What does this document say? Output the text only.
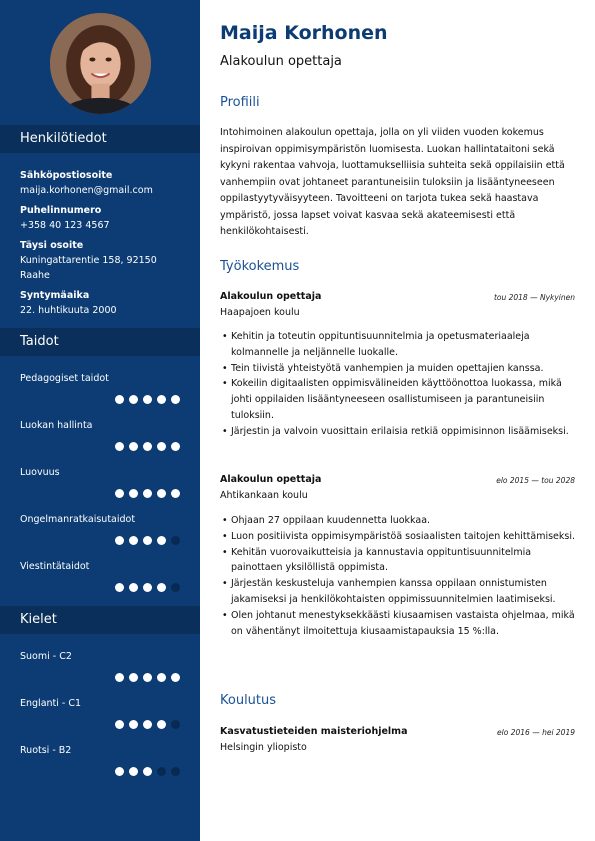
Henkilötiedot
Sähköpostiosoite
maija.korhonen@gmail.com
Puhelinnumero
+358 40 123 4567
Täysi osoite
Kuningattarentie 158, 92150 Raahe
Syntymäaika
22. huhtikuuta 2000
Taidot
Pedagogiset taidot
Luokan hallinta
Luovuus
Ongelmanratkaisutaidot
Viestintätaidot
Kielet
Suomi - C2
Englanti - C1
Ruotsi - B2
Maija Korhonen
Alakoulun opettaja
Profiili
Intohimoinen alakoulun opettaja, jolla on yli viiden vuoden kokemus inspiroivan oppimisympäristön luomisesta. Luokan hallintataitoni sekä kykyni rakentaa vahvoja, luottamukselliisia suhteita sekä oppilaisiin että vanhempiin ovat johtaneet parantuneisiin tuloksiin ja lisääntyneeseen oppilastyytyväisyyteen. Tavoitteeni on tarjota tukea sekä haastava ympäristö, jossa lapset voivat kasvaa sekä akateemisesti että henkilökohtaisesti.
Työkokemus
Alakoulun opettaja	tou 2018 — Nykyinen
Haapajoen koulu
• Kehitin ja toteutin oppituntisuunnitelmia ja opetusmateriaaleja kolmannelle ja neljännelle luokalle.
• Tein tiivistä yhteistyötä vanhempien ja muiden opettajien kanssa.
• Kokeilin digitaalisten oppimisvälineiden käyttöönottoa luokassa, mikä johti oppilaiden lisääntyneeseen osallistumiseen ja parantuneisiin tuloksiin.
• Järjestin ja valvoin vuosittain erilaisia retkiä oppimisinnon lisäämiseksi.
Alakoulun opettaja	elo 2015 — tou 2028
Ahtikankaan koulu
• Ohjaan 27 oppilaan kuudennetta luokkaa.
• Luon positiivista oppimisympäristöä sosiaalisten taitojen kehittämiseksi.
• Kehitän vuorovaikutteisia ja kannustavia oppituntisuunnitelmia painottaen yksilöllistä oppimista.
• Järjestän keskusteluja vanhempien kanssa oppilaan onnistumisten jakamiseksi ja henkilökohtaisten oppimissuunnitelmien laatimiseksi.
• Olen johtanut menestyksekkäästi kiusaamisen vastaista ohjelmaa, mikä on vähentänyt ilmoitettuja kiusaamistapauksia 15 %:lla.
Koulutus
Kasvatustieteiden maisteriohjelma	elo 2016 — hei 2019
Helsingin yliopisto
